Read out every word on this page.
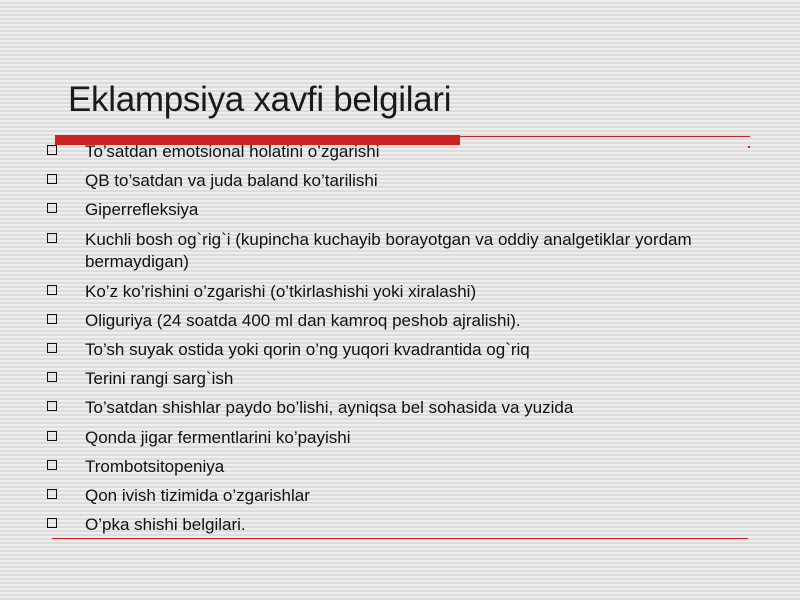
Eklampsiya xavfi belgilari
To’satdan emotsional holatini o’zgarishi
QB to’satdan va juda baland ko’tarilishi
Giperrefleksiya
Kuchli bosh og`rig`i (kupincha kuchayib borayotgan va oddiy analgetiklar yordam bermaydigan)
Ko’z ko’rishini o’zgarishi (o’tkirlashishi yoki xiralashi)
Oliguriya (24 soatda 400 ml dan kamroq peshob ajralishi).
To’sh suyak ostida yoki qorin o’ng yuqori kvadrantida og`riq
Terini rangi sarg`ish
To’satdan shishlar paydo bo’lishi, ayniqsa bel sohasida va yuzida
Qonda jigar fermentlarini ko’payishi
Trombotsitopeniya
Qon ivish tizimida o’zgarishlar
O’pka shishi belgilari.
